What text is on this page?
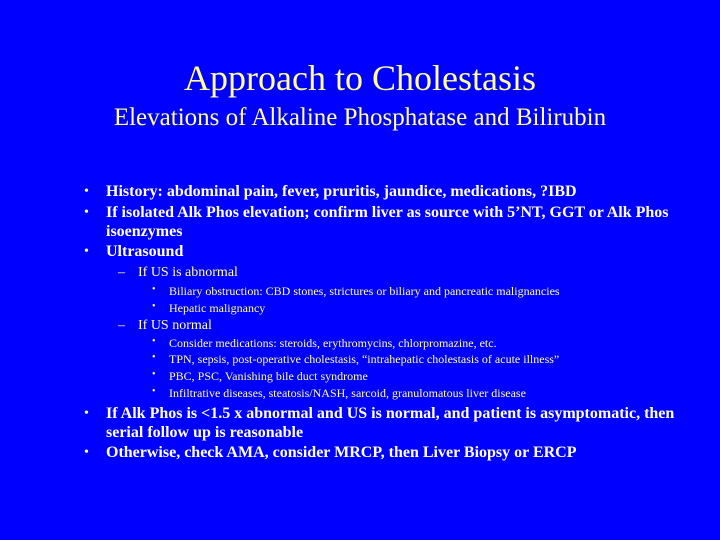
Approach to Cholestasis
Elevations of Alkaline Phosphatase and Bilirubin
• History: abdominal pain, fever, pruritis, jaundice, medications, ?IBD
• If isolated Alk Phos elevation; confirm liver as source with 5’NT, GGT or Alk Phos isoenzymes
• Ultrasound
– If US is abnormal
• Biliary obstruction: CBD stones, strictures or biliary and pancreatic malignancies
• Hepatic malignancy
– If US normal
• Consider medications: steroids, erythromycins, chlorpromazine, etc.
• TPN, sepsis, post-operative cholestasis, “intrahepatic cholestasis of acute illness”
• PBC, PSC, Vanishing bile duct syndrome
• Infiltrative diseases, steatosis/NASH, sarcoid, granulomatous liver disease
• If Alk Phos is <1.5 x abnormal and US is normal, and patient is asymptomatic, then serial follow up is reasonable
• Otherwise, check AMA, consider MRCP, then Liver Biopsy or ERCP
